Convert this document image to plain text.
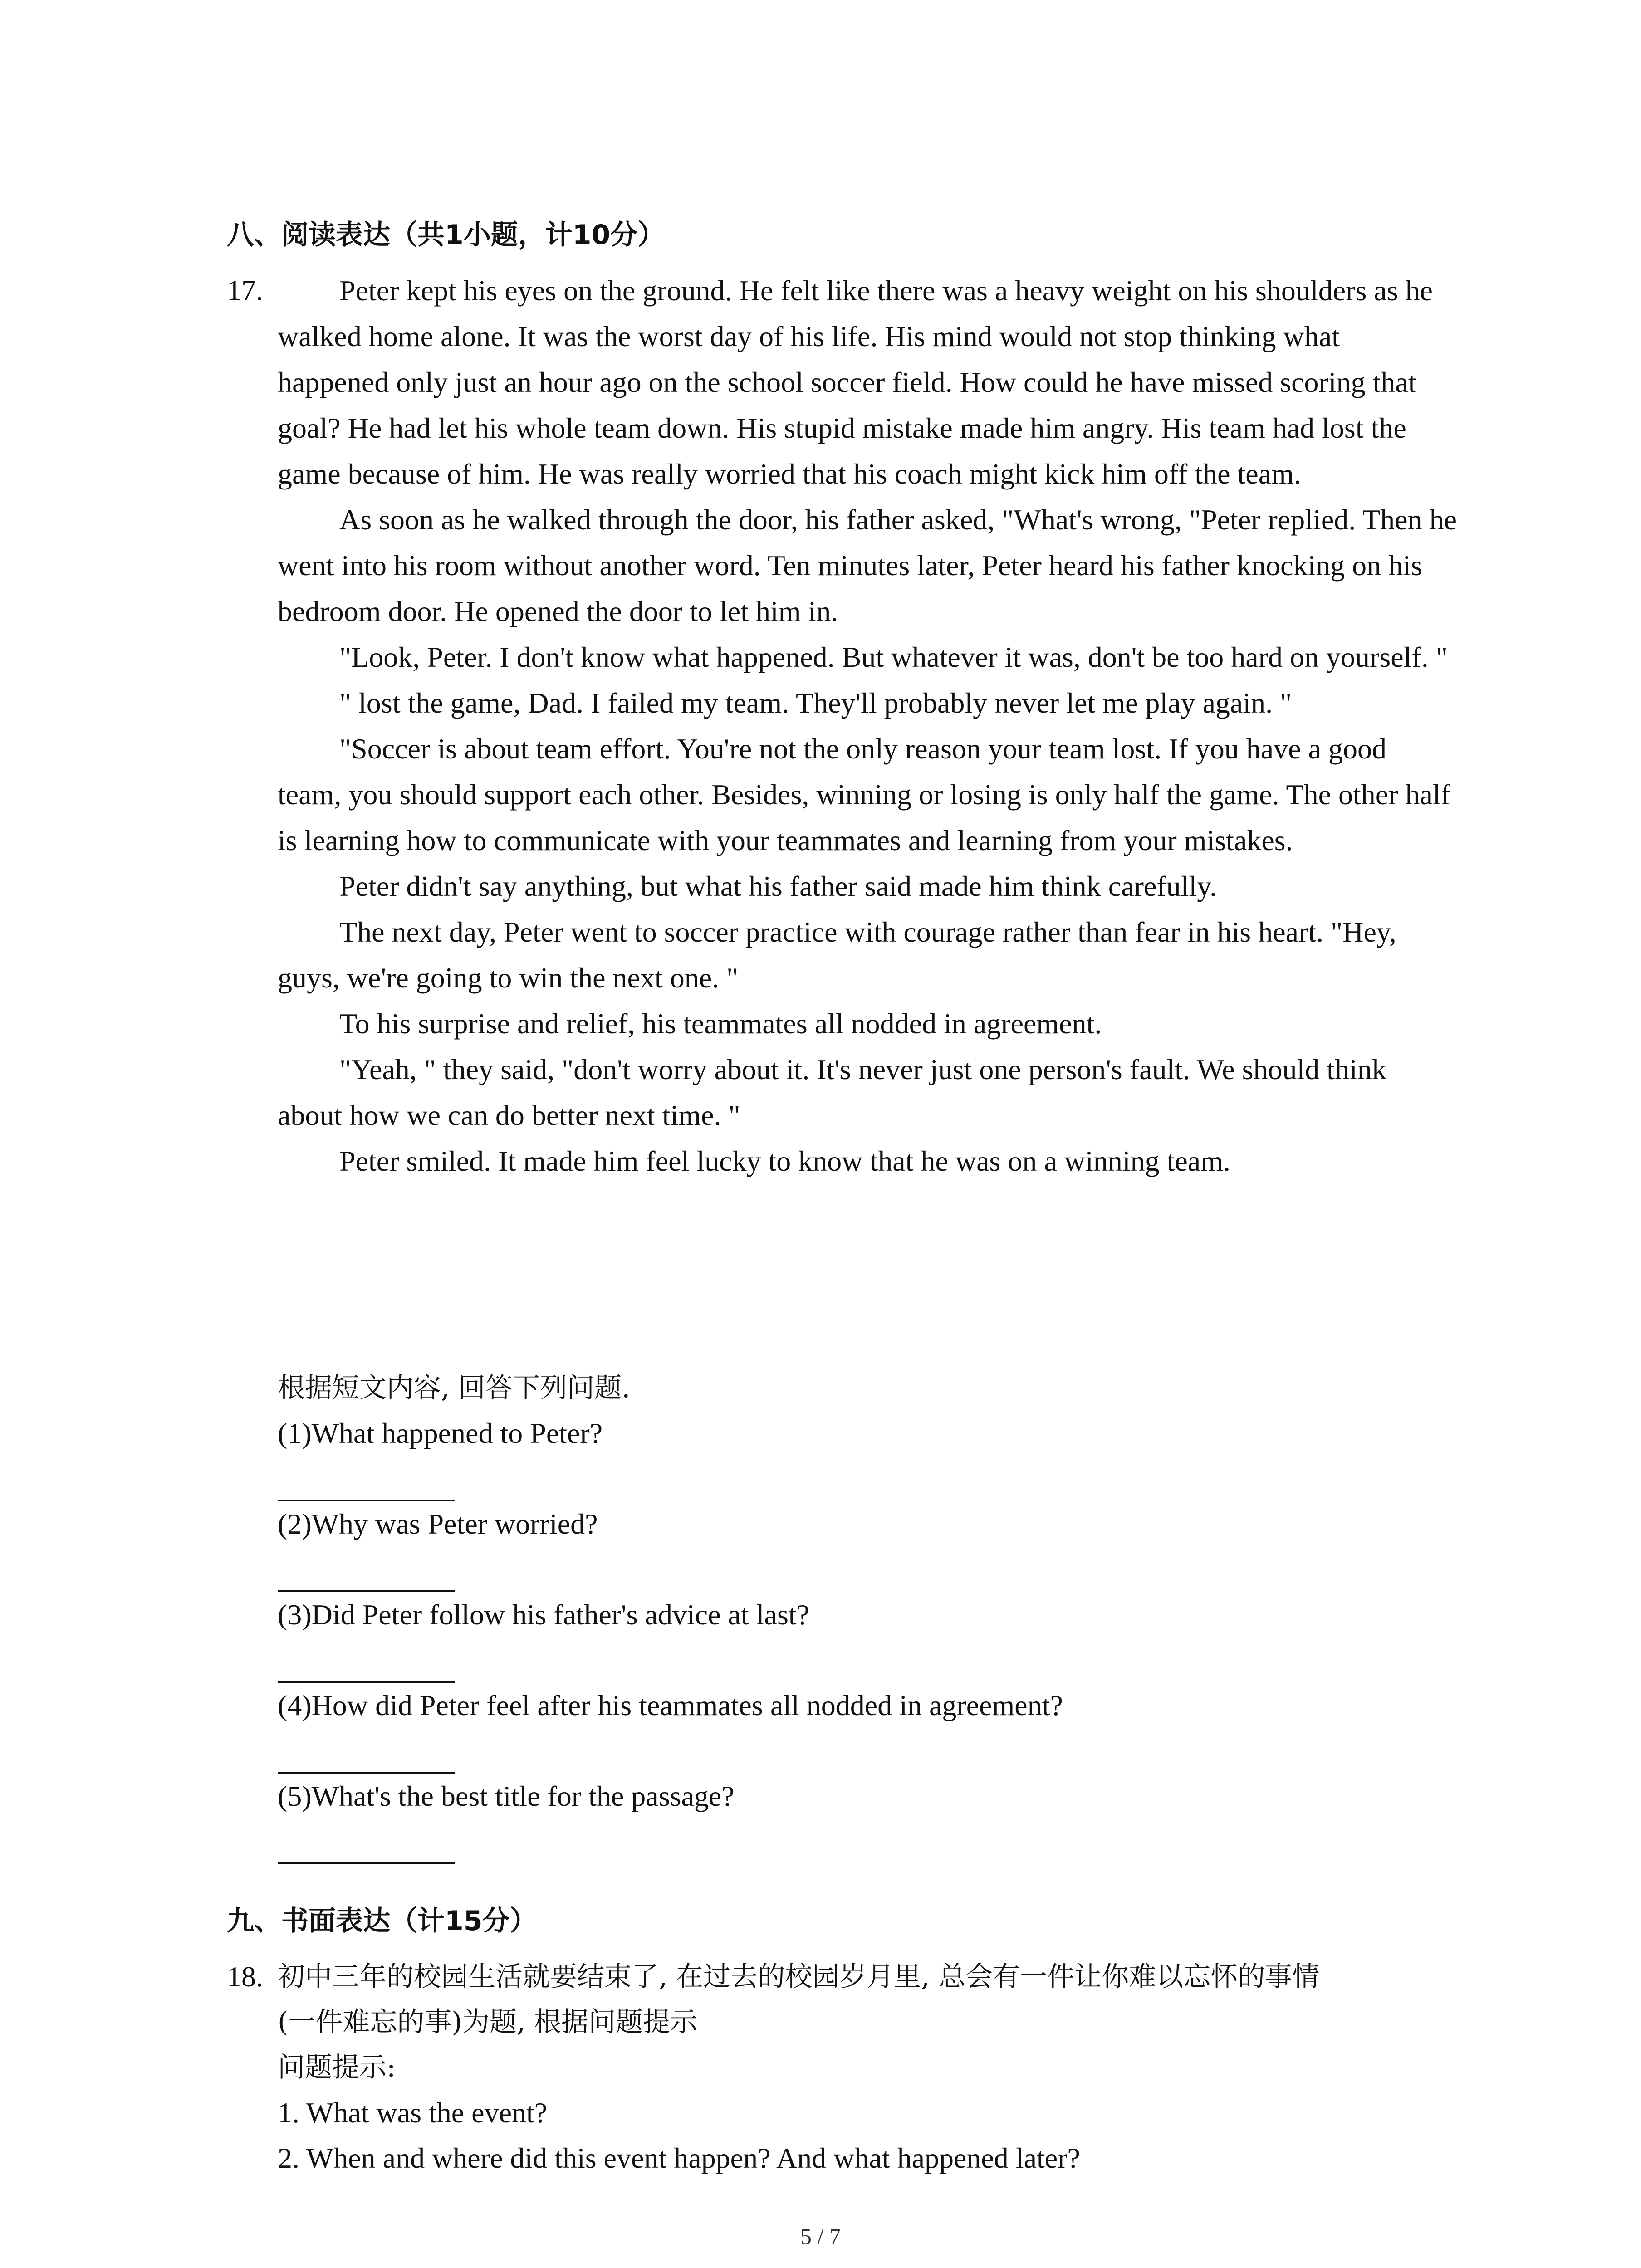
八、阅读表达（共1小题，计10分）
17.	Peter kept his eyes on the ground. He felt like there was a heavy weight on his shoulders as he walked home alone. It was the worst day of his life. His mind would not stop thinking what happened only just an hour ago on the school soccer field. How could he have missed scoring that goal? He had let his whole team down. His stupid mistake made him angry. His team had lost the game because of him. He was really worried that his coach might kick him off the team.

As soon as he walked through the door, his father asked, "What's wrong, "Peter replied. Then he went into his room without another word. Ten minutes later, Peter heard his father knocking on his bedroom door. He opened the door to let him in.

"Look, Peter. I don't know what happened. But whatever it was, don't be too hard on yourself. "

" lost the game, Dad. I failed my team. They'll probably never let me play again. "

"Soccer is about team effort. You're not the only reason your team lost. If you have a good team, you should support each other. Besides, winning or losing is only half the game. The other half is learning how to communicate with your teammates and learning from your mistakes.

Peter didn't say anything, but what his father said made him think carefully.

The next day, Peter went to soccer practice with courage rather than fear in his heart. "Hey, guys, we're going to win the next one. "

To his surprise and relief, his teammates all nodded in agreement.

"Yeah, " they said, "don't worry about it. It's never just one person's fault. We should think about how we can do better next time. "

Peter smiled. It made him feel lucky to know that he was on a winning team.

根据短文内容, 回答下列问题.
(1)What happened to Peter?
(2)Why was Peter worried?
(3)Did Peter follow his father's advice at last?
(4)How did Peter feel after his teammates all nodded in agreement?
(5)What's the best title for the passage?
九、书面表达（计15分）
18. 初中三年的校园生活就要结束了, 在过去的校园岁月里, 总会有一件让你难以忘怀的事情
(一件难忘的事)为题, 根据问题提示
问题提示:
1. What was the event?
2. When and where did this event happen? And what happened later?
5 / 7
